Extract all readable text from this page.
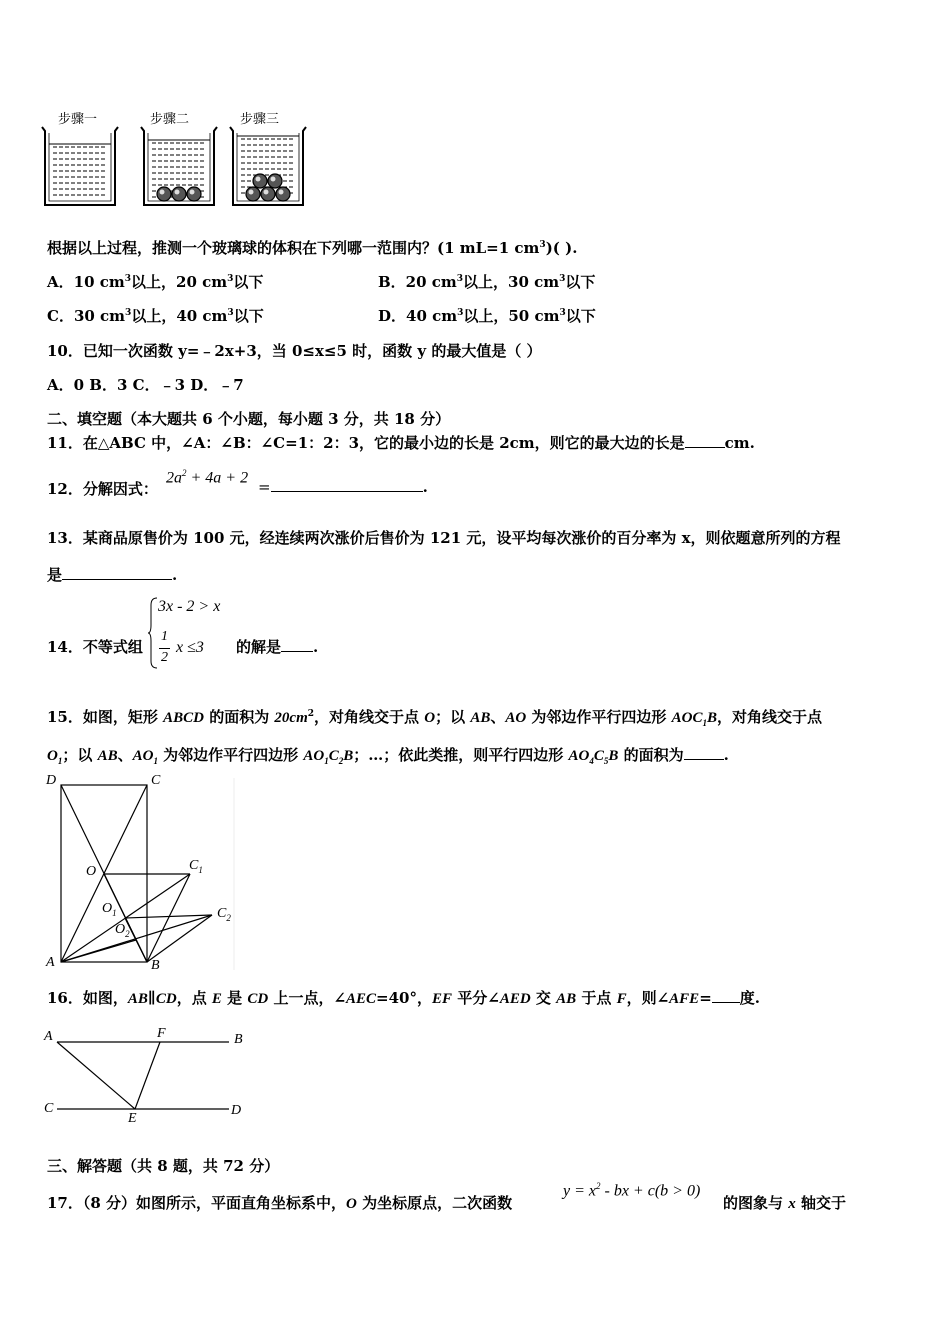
步骤一	步骤二	步骤三
根据以上过程，推测一个玻璃球的体积在下列哪一范围内？(1 mL=1 $cm^3$)( ).
A．10 $cm^3$以上，20 $cm^3$以下	B．20 $cm^3$以上，30 $cm^3$以下
C．30 $cm^3$以上，40 $cm^3$以下	D．40 $cm^3$以上，50 $cm^3$以下
10．已知一次函数 y=﹣2x+3，当 0≤x≤5 时，函数 y 的最大值是（ ）
A．0 B．3 C．﹣3 D．﹣7
二、填空题（本大题共 6 个小题，每小题 3 分，共 18 分）
11．在△ABC 中，∠A：∠B：∠C=1：2：3，它的最小边的长是 2cm，则它的最大边的长是	cm.
12．分解因式：
$2a^2 + 4a + 2$
=	.
13．某商品原售价为 100 元，经连续两次涨价后售价为 121 元，设平均每次涨价的百分率为 x，则依题意所列的方程
是	.
14．不等式组
3x - 2 > x
1
2
x ≤3 的解是 .
15．如图，矩形 ABCD 的面积为 $20cm^2$，对角线交于点 O；以 AB、AO 为邻边作平行四边形 $AOC_1B$，对角线交于点
$O_1$；以 AB、$AO_1$ 为邻边作平行四边形 $AO_1C_2B$；…；依此类推，则平行四边形 $AO_4C_5B$ 的面积为	.
D	C
O	$C_1$
$O_1$
$O_2$
$C_2$
A	B
16．如图，AB∥CD，点 E 是 CD 上一点，∠AEC=40°，EF 平分∠AED 交 AB 于点 F，则∠AFE= 度.
A	F	B
C
E
D
三、解答题（共 8 题，共 72 分）
17．（8 分）如图所示，平面直角坐标系中，O 为坐标原点，二次函数
$y = x^2$ - bx + c(b > 0)
的图象与 x 轴交于
